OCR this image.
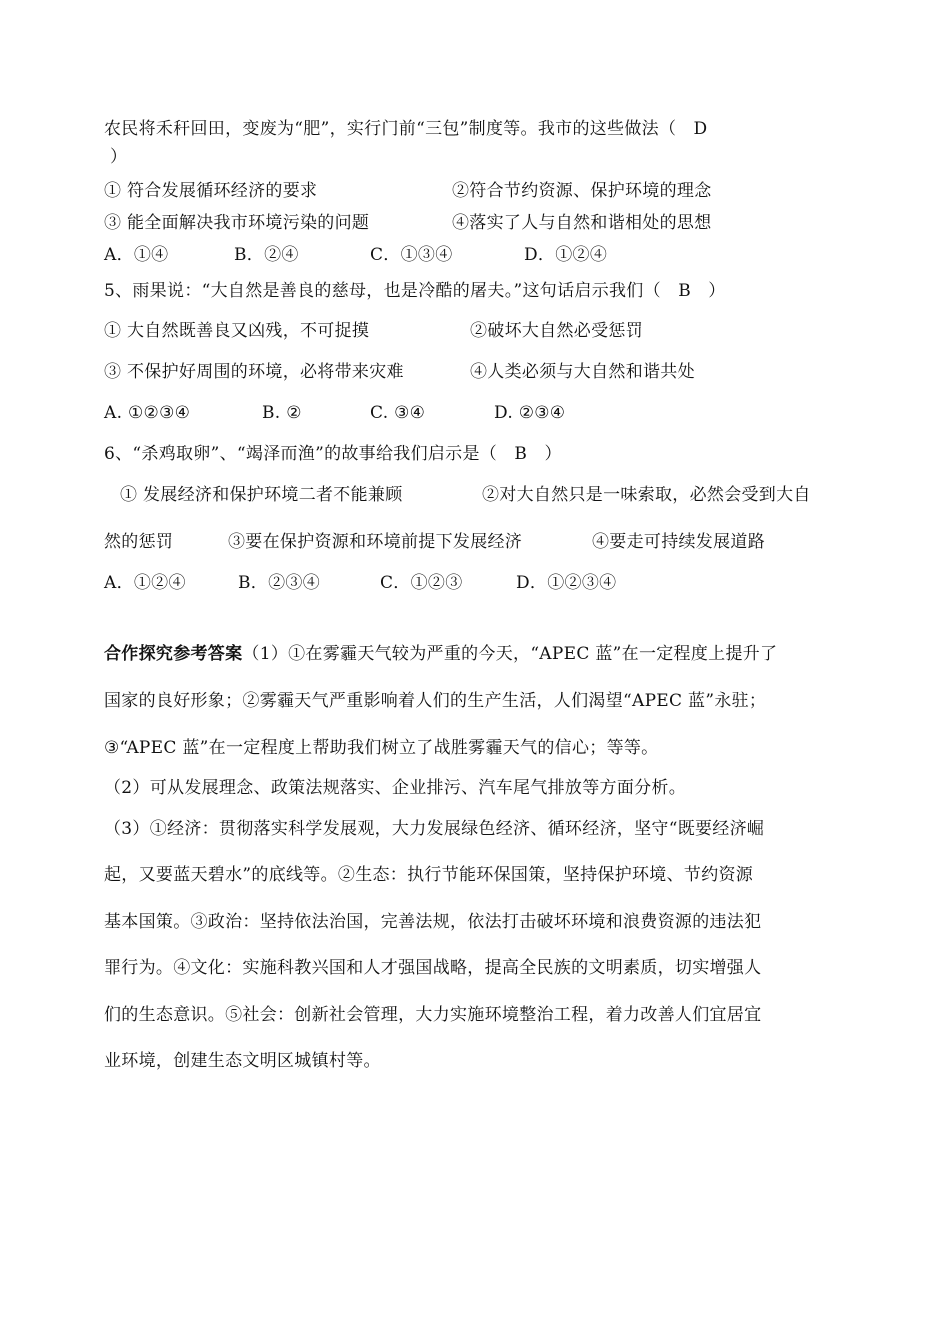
农民将禾秆回田，变废为“肥”，实行门前“三包”制度等。我市的这些做法（　D
）
① 符合发展循环经济的要求	②符合节约资源、保护环境的理念
③ 能全面解决我市环境污染的问题	④落实了人与自然和谐相处的思想
A．①④	B．②④	C．①③④	D．①②④
5、雨果说：“大自然是善良的慈母，也是冷酷的屠夫。”这句话启示我们（　B　）
① 大自然既善良又凶残，不可捉摸	②破坏大自然必受惩罚
③ 不保护好周围的环境，必将带来灾难	④人类必须与大自然和谐共处
A. ①②③④	B. ②	C. ③④	D. ②③④
6、“杀鸡取卵”、“竭泽而渔”的故事给我们启示是（　B　）
① 发展经济和保护环境二者不能兼顾	②对大自然只是一味索取，必然会受到大自
然的惩罚	③要在保护资源和环境前提下发展经济	④要走可持续发展道路
A．①②④	B．②③④	C．①②③	D．①②③④
合作探究参考答案（1）①在雾霾天气较为严重的今天，“APEC 蓝”在一定程度上提升了
国家的良好形象；②雾霾天气严重影响着人们的生产生活，人们渴望“APEC 蓝”永驻；
③“APEC 蓝”在一定程度上帮助我们树立了战胜雾霾天气的信心；等等。
（2）可从发展理念、政策法规落实、企业排污、汽车尾气排放等方面分析。
（3）①经济：贯彻落实科学发展观，大力发展绿色经济、循环经济，坚守“既要经济崛
起，又要蓝天碧水”的底线等。②生态：执行节能环保国策，坚持保护环境、节约资源
基本国策。③政治：坚持依法治国，完善法规，依法打击破坏环境和浪费资源的违法犯
罪行为。④文化：实施科教兴国和人才强国战略，提高全民族的文明素质，切实增强人
们的生态意识。⑤社会：创新社会管理，大力实施环境整治工程，着力改善人们宜居宜
业环境，创建生态文明区城镇村等。
